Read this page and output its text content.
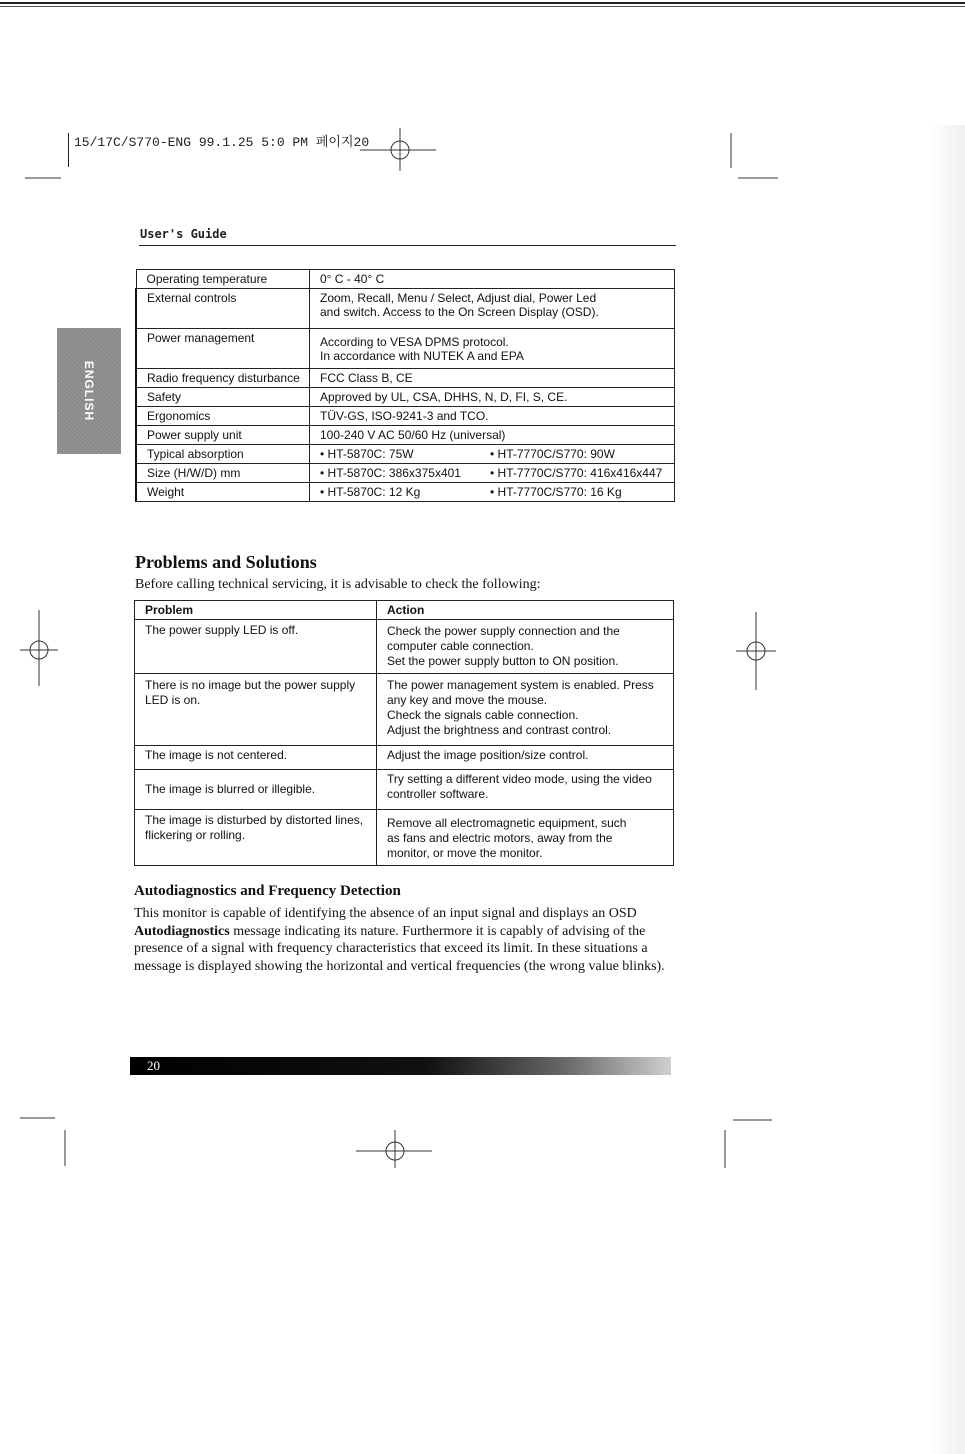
15/17C/S770-ENG 99.1.25 5:0 PM 페이지20
User's Guide
ENGLISH
Operating temperature	0° C - 40° C
External controls	Zoom, Recall, Menu / Select, Adjust dial, Power Led
and switch. Access to the On Screen Display (OSD).

Power management	According to VESA DPMS protocol.
In accordance with NUTEK A and EPA

Radio frequency disturbance	FCC Class B, CE
Safety	Approved by UL, CSA, DHHS, N, D, FI, S, CE.
Ergonomics	TÜV-GS, ISO-9241-3 and TCO.
Power supply unit	100-240 V AC 50/60 Hz (universal)
Typical absorption	• HT-5870C: 75W • HT-7770C/S770: 90W

Size (H/W/D) mm	• HT-5870C: 386x375x401 • HT-7770C/S770: 416x416x447

Weight	• HT-5870C: 12 Kg • HT-7770C/S770: 16 Kg
Problems and Solutions
Before calling technical servicing, it is advisable to check the following:
Problem	Action
The power supply LED is off.	Check the power supply connection and the
computer cable connection.
Set the power supply button to ON position.

There is no image but the power supply LED is on.	The power management system is enabled. Press
any key and move the mouse.
Check the signals cable connection.
Adjust the brightness and contrast control.

The image is not centered.	Adjust the image position/size control.

The image is blurred or illegible.	Try setting a different video mode, using the video
controller software.

The image is disturbed by distorted lines, flickering or rolling.	Remove all electromagnetic equipment, such
as fans and electric motors, away from the
monitor, or move the monitor.
Autodiagnostics and Frequency Detection
This monitor is capable of identifying the absence of an input signal and displays an OSD Autodiagnostics message indicating its nature. Furthermore it is capably of advising of the presence of a signal with frequency characteristics that exceed its limit. In these situations a message is displayed showing the horizontal and vertical frequencies (the wrong value blinks).
20
